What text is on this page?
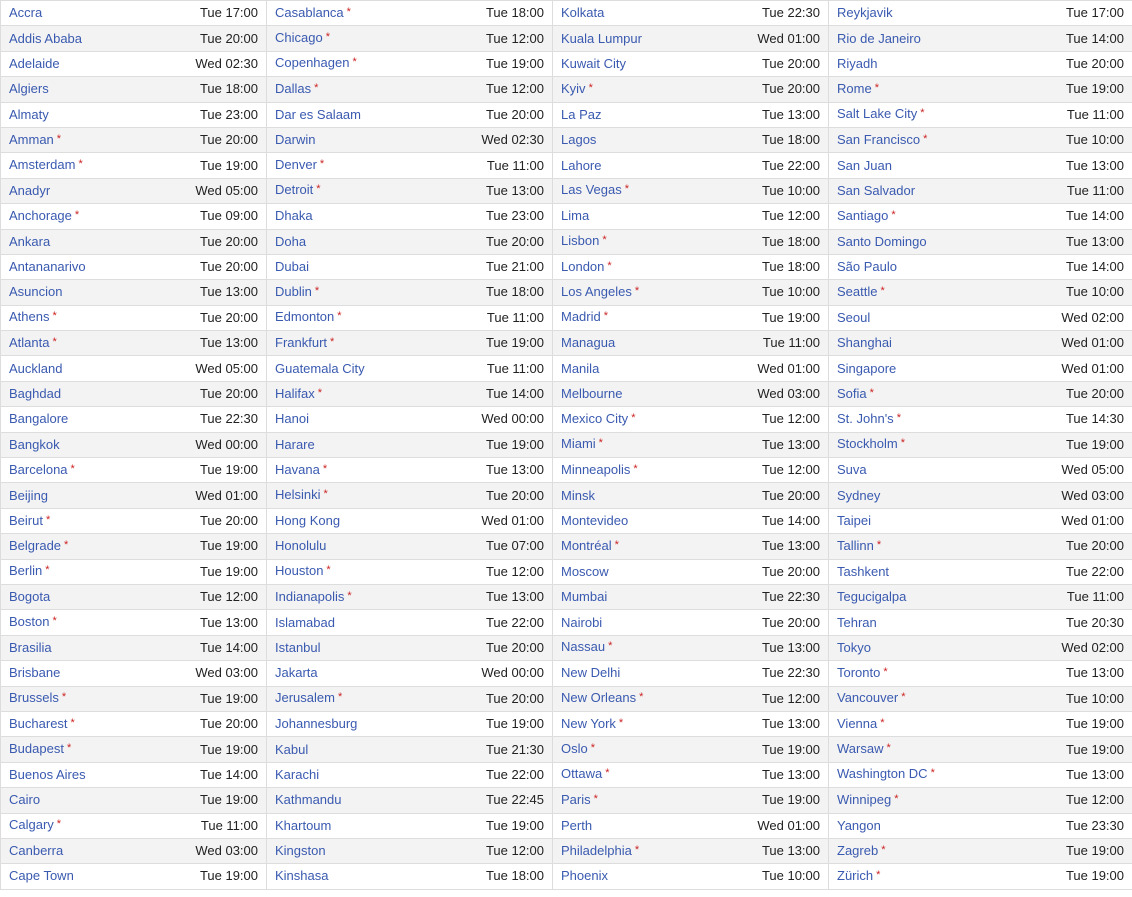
Accra	Tue 17:00	Casablanca *	Tue 18:00	Kolkata	Tue 22:30	Reykjavik	Tue 17:00
Addis Ababa	Tue 20:00	Chicago *	Tue 12:00	Kuala Lumpur	Wed 01:00	Rio de Janeiro	Tue 14:00
Adelaide	Wed 02:30	Copenhagen *	Tue 19:00	Kuwait City	Tue 20:00	Riyadh	Tue 20:00
Algiers	Tue 18:00	Dallas *	Tue 12:00	Kyiv *	Tue 20:00	Rome *	Tue 19:00
Almaty	Tue 23:00	Dar es Salaam	Tue 20:00	La Paz	Tue 13:00	Salt Lake City *	Tue 11:00
Amman *	Tue 20:00	Darwin	Wed 02:30	Lagos	Tue 18:00	San Francisco *	Tue 10:00
Amsterdam *	Tue 19:00	Denver *	Tue 11:00	Lahore	Tue 22:00	San Juan	Tue 13:00
Anadyr	Wed 05:00	Detroit *	Tue 13:00	Las Vegas *	Tue 10:00	San Salvador	Tue 11:00
Anchorage *	Tue 09:00	Dhaka	Tue 23:00	Lima	Tue 12:00	Santiago *	Tue 14:00
Ankara	Tue 20:00	Doha	Tue 20:00	Lisbon *	Tue 18:00	Santo Domingo	Tue 13:00
Antananarivo	Tue 20:00	Dubai	Tue 21:00	London *	Tue 18:00	São Paulo	Tue 14:00
Asuncion	Tue 13:00	Dublin *	Tue 18:00	Los Angeles *	Tue 10:00	Seattle *	Tue 10:00
Athens *	Tue 20:00	Edmonton *	Tue 11:00	Madrid *	Tue 19:00	Seoul	Wed 02:00
Atlanta *	Tue 13:00	Frankfurt *	Tue 19:00	Managua	Tue 11:00	Shanghai	Wed 01:00
Auckland	Wed 05:00	Guatemala City	Tue 11:00	Manila	Wed 01:00	Singapore	Wed 01:00
Baghdad	Tue 20:00	Halifax *	Tue 14:00	Melbourne	Wed 03:00	Sofia *	Tue 20:00
Bangalore	Tue 22:30	Hanoi	Wed 00:00	Mexico City *	Tue 12:00	St. John's *	Tue 14:30
Bangkok	Wed 00:00	Harare	Tue 19:00	Miami *	Tue 13:00	Stockholm *	Tue 19:00
Barcelona *	Tue 19:00	Havana *	Tue 13:00	Minneapolis *	Tue 12:00	Suva	Wed 05:00
Beijing	Wed 01:00	Helsinki *	Tue 20:00	Minsk	Tue 20:00	Sydney	Wed 03:00
Beirut *	Tue 20:00	Hong Kong	Wed 01:00	Montevideo	Tue 14:00	Taipei	Wed 01:00
Belgrade *	Tue 19:00	Honolulu	Tue 07:00	Montréal *	Tue 13:00	Tallinn *	Tue 20:00
Berlin *	Tue 19:00	Houston *	Tue 12:00	Moscow	Tue 20:00	Tashkent	Tue 22:00
Bogota	Tue 12:00	Indianapolis *	Tue 13:00	Mumbai	Tue 22:30	Tegucigalpa	Tue 11:00
Boston *	Tue 13:00	Islamabad	Tue 22:00	Nairobi	Tue 20:00	Tehran	Tue 20:30
Brasilia	Tue 14:00	Istanbul	Tue 20:00	Nassau *	Tue 13:00	Tokyo	Wed 02:00
Brisbane	Wed 03:00	Jakarta	Wed 00:00	New Delhi	Tue 22:30	Toronto *	Tue 13:00
Brussels *	Tue 19:00	Jerusalem *	Tue 20:00	New Orleans *	Tue 12:00	Vancouver *	Tue 10:00
Bucharest *	Tue 20:00	Johannesburg	Tue 19:00	New York *	Tue 13:00	Vienna *	Tue 19:00
Budapest *	Tue 19:00	Kabul	Tue 21:30	Oslo *	Tue 19:00	Warsaw *	Tue 19:00
Buenos Aires	Tue 14:00	Karachi	Tue 22:00	Ottawa *	Tue 13:00	Washington DC *	Tue 13:00
Cairo	Tue 19:00	Kathmandu	Tue 22:45	Paris *	Tue 19:00	Winnipeg *	Tue 12:00
Calgary *	Tue 11:00	Khartoum	Tue 19:00	Perth	Wed 01:00	Yangon	Tue 23:30
Canberra	Wed 03:00	Kingston	Tue 12:00	Philadelphia *	Tue 13:00	Zagreb *	Tue 19:00
Cape Town	Tue 19:00	Kinshasa	Tue 18:00	Phoenix	Tue 10:00	Zürich *	Tue 19:00
